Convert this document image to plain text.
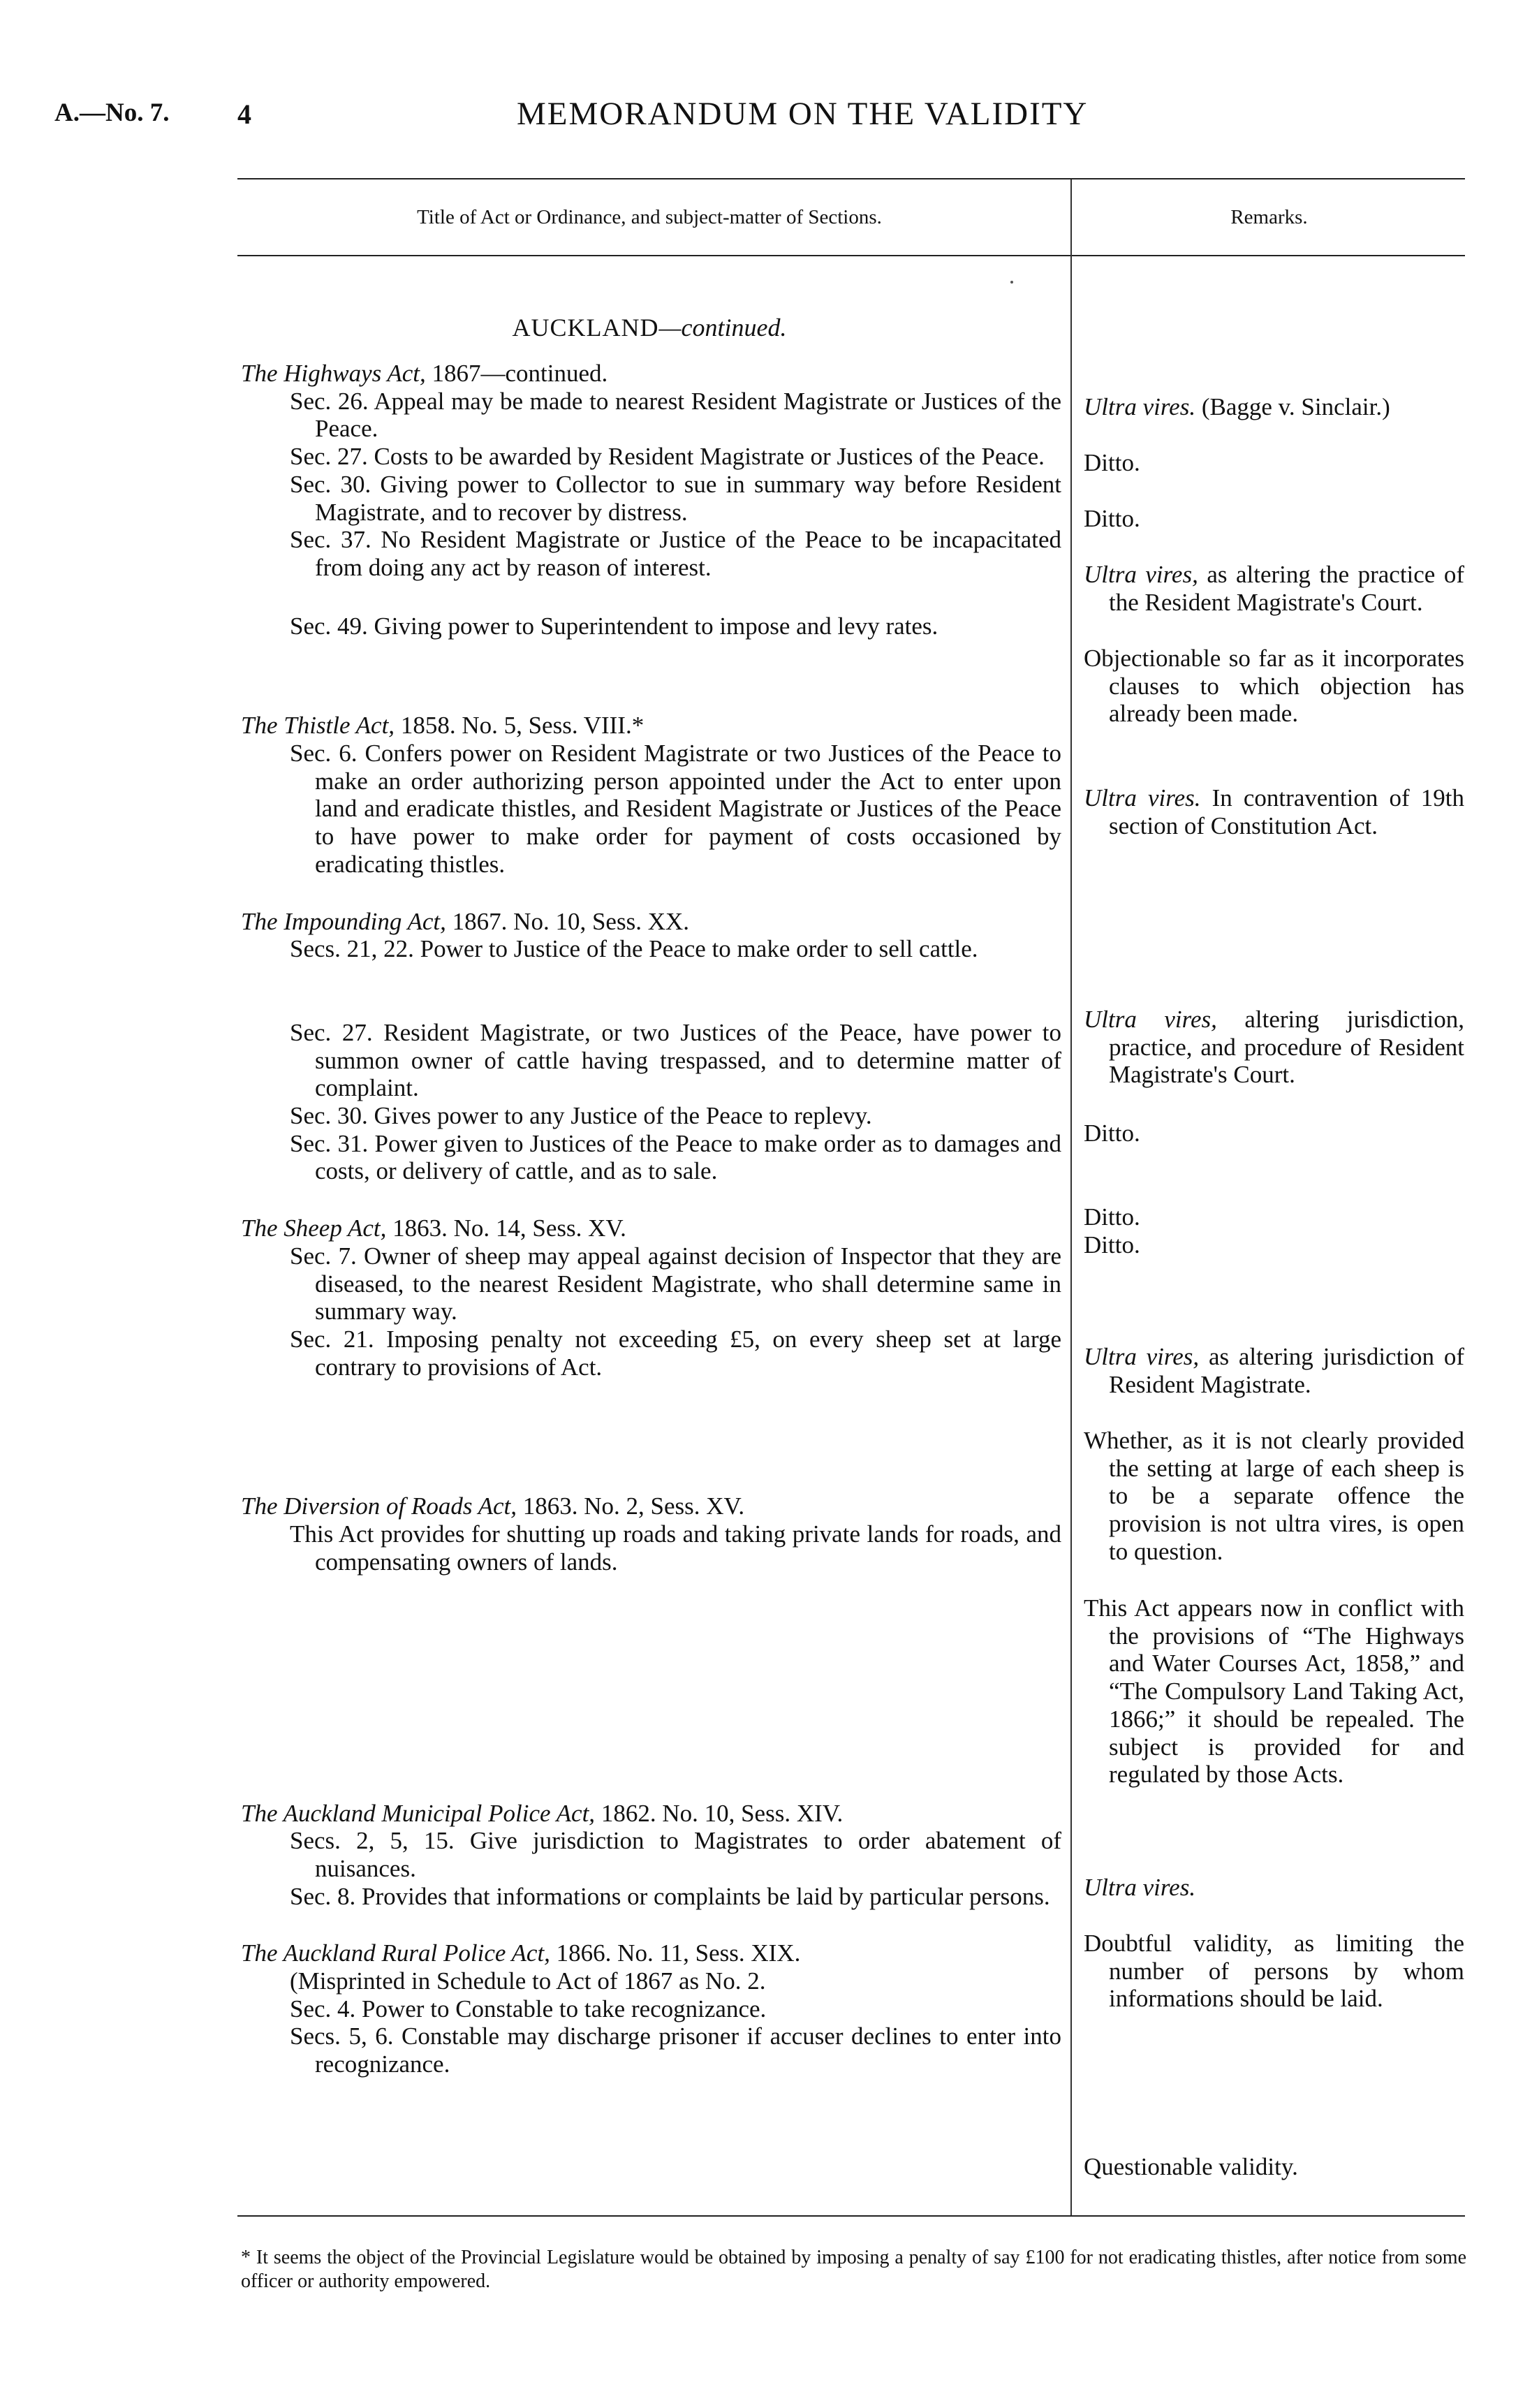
A.—No. 7. 4	MEMORANDUM ON THE VALIDITY
Title of Act or Ordinance, and subject-matter of Sections.	Remarks.
AUCKLAND—continued.

The Highways Act, 1867—continued.

Sec. 26. Appeal may be made to nearest Resident Magistrate or Justices of the Peace.

Sec. 27. Costs to be awarded by Resident Magistrate or Justices of the Peace.

Sec. 30. Giving power to Collector to sue in summary way before Resident Magistrate, and to recover by distress.

Sec. 37. No Resident Magistrate or Justice of the Peace to be incapacitated from doing any act by reason of interest.

Sec. 49. Giving power to Superintendent to impose and levy rates.

The Thistle Act, 1858. No. 5, Sess. VIII.*

Sec. 6. Confers power on Resident Magistrate or two Justices of the Peace to make an order authorizing person appointed under the Act to enter upon land and eradicate thistles, and Resident Magistrate or Justices of the Peace to have power to make order for payment of costs occasioned by eradicating thistles.

The Impounding Act, 1867. No. 10, Sess. XX.

Secs. 21, 22. Power to Justice of the Peace to make order to sell cattle.

Sec. 27. Resident Magistrate, or two Justices of the Peace, have power to summon owner of cattle having trespassed, and to determine matter of complaint.

Sec. 30. Gives power to any Justice of the Peace to replevy.

Sec. 31. Power given to Justices of the Peace to make order as to damages and costs, or delivery of cattle, and as to sale.

The Sheep Act, 1863. No. 14, Sess. XV.

Sec. 7. Owner of sheep may appeal against decision of Inspector that they are diseased, to the nearest Resident Magistrate, who shall determine same in summary way.

Sec. 21. Imposing penalty not exceeding £5, on every sheep set at large contrary to provisions of Act.

The Diversion of Roads Act, 1863. No. 2, Sess. XV.

This Act provides for shutting up roads and taking private lands for roads, and compensating owners of lands.

The Auckland Municipal Police Act, 1862. No. 10, Sess. XIV.

Secs. 2, 5, 15. Give jurisdiction to Magistrates to order abatement of nuisances.

Sec. 8. Provides that informations or complaints be laid by particular persons.

The Auckland Rural Police Act, 1866. No. 11, Sess. XIX.

(Misprinted in Schedule to Act of 1867 as No. 2.

Sec. 4. Power to Constable to take recognizance.

Secs. 5, 6. Constable may discharge prisoner if accuser declines to enter into recognizance.

Ultra vires. (Bagge v. Sinclair.)

Ditto.

Ditto.

Ultra vires, as altering the practice of the Resident Magistrate's Court.

Objectionable so far as it incorporates clauses to which objection has already been made.

Ultra vires. In contravention of 19th section of Constitution Act.

Ultra vires, altering jurisdiction, practice, and procedure of Resident Magistrate's Court.

Ditto.

Ditto.

Ditto.

Ultra vires, as altering jurisdiction of Resident Magistrate.

Whether, as it is not clearly provided the setting at large of each sheep is to be a separate offence the provision is not ultra vires, is open to question.

This Act appears now in conflict with the provisions of “The Highways and Water Courses Act, 1858,” and “The Compulsory Land Taking Act, 1866;” it should be repealed. The subject is provided for and regulated by those Acts.

Ultra vires.

Doubtful validity, as limiting the number of persons by whom informations should be laid.

Questionable validity.

* It seems the object of the Provincial Legislature would be obtained by imposing a penalty of say £100 for not eradicating thistles, after notice from some officer or authority empowered.
